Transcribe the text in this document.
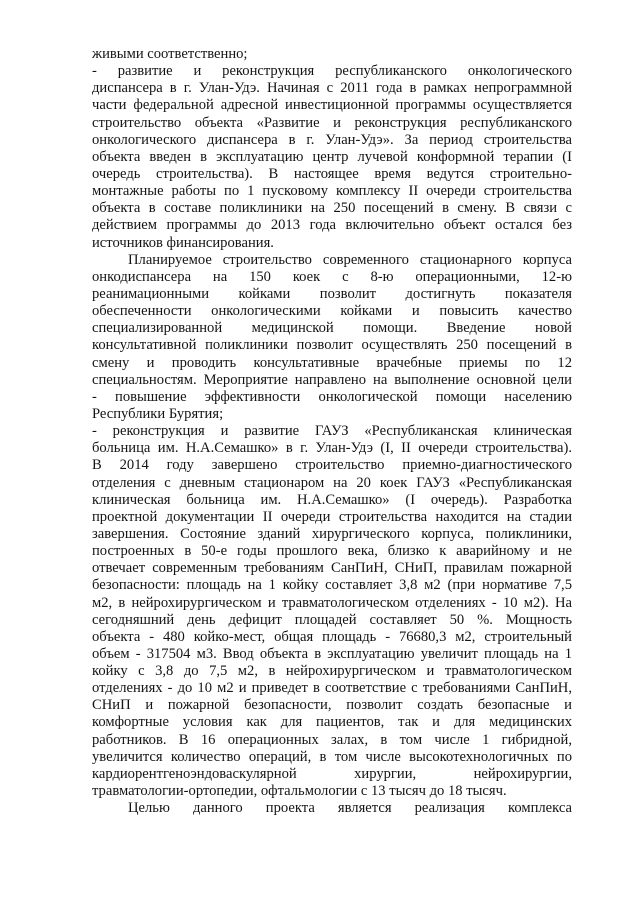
живыми соответственно;
- развитие и реконструкция республиканского онкологического
диспансера в г. Улан-Удэ. Начиная с 2011 года в рамках непрограммной
части федеральной адресной инвестиционной программы осуществляется
строительство объекта «Развитие и реконструкция республиканского
онкологического диспансера в г. Улан-Удэ». За период строительства
объекта введен в эксплуатацию центр лучевой конформной терапии (I
очередь строительства). В настоящее время ведутся строительно-
монтажные работы по 1 пусковому комплексу II очереди строительства
объекта в составе поликлиники на 250 посещений в смену. В связи с
действием программы до 2013 года включительно объект остался без
источников финансирования.
Планируемое строительство современного стационарного корпуса
онкодиспансера на 150 коек с 8-ю операционными, 12-ю
реанимационными койками позволит достигнуть показателя
обеспеченности онкологическими койками и повысить качество
специализированной медицинской помощи. Введение новой
консультативной поликлиники позволит осуществлять 250 посещений в
смену и проводить консультативные врачебные приемы по 12
специальностям. Мероприятие направлено на выполнение основной цели
- повышение эффективности онкологической помощи населению
Республики Бурятия;
- реконструкция и развитие ГАУЗ «Республиканская клиническая
больница им. Н.А.Семашко» в г. Улан-Удэ (I, II очереди строительства).
В 2014 году завершено строительство приемно-диагностического
отделения с дневным стационаром на 20 коек ГАУЗ «Республиканская
клиническая больница им. Н.А.Семашко» (I очередь). Разработка
проектной документации II очереди строительства находится на стадии
завершения. Состояние зданий хирургического корпуса, поликлиники,
построенных в 50-е годы прошлого века, близко к аварийному и не
отвечает современным требованиям СанПиН, СНиП, правилам пожарной
безопасности: площадь на 1 койку составляет 3,8 м2 (при нормативе 7,5
м2, в нейрохирургическом и травматологическом отделениях - 10 м2). На
сегодняшний день дефицит площадей составляет 50 %. Мощность
объекта - 480 койко-мест, общая площадь - 76680,3 м2, строительный
объем - 317504 м3. Ввод объекта в эксплуатацию увеличит площадь на 1
койку с 3,8 до 7,5 м2, в нейрохирургическом и травматологическом
отделениях - до 10 м2 и приведет в соответствие с требованиями СанПиН,
СНиП и пожарной безопасности, позволит создать безопасные и
комфортные условия как для пациентов, так и для медицинских
работников. В 16 операционных залах, в том числе 1 гибридной,
увеличится количество операций, в том числе высокотехнологичных по
кардиорентгеноэндоваскулярной хирургии, нейрохирургии,
травматологии-ортопедии, офтальмологии с 13 тысяч до 18 тысяч.
Целью данного проекта является реализация комплекса
